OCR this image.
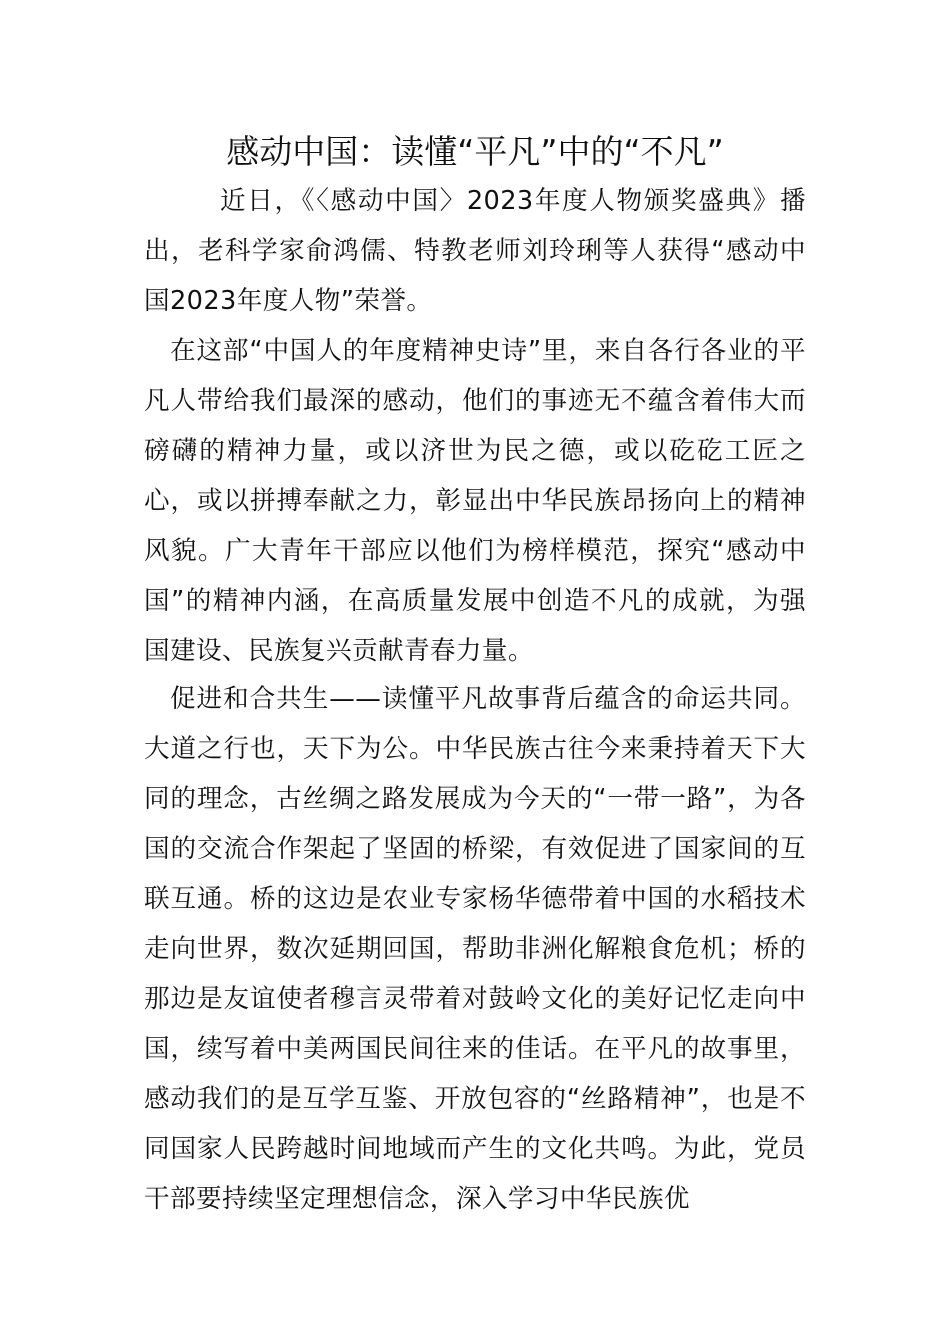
感动中国：读懂“平凡”中的“不凡”

近日，《〈感动中国〉2023年度人物颁奖盛典》播出，老科学家俞鸿儒、特教老师刘玲琍等人获得“感动中国2023年度人物”荣誉。

在这部“中国人的年度精神史诗”里，来自各行各业的平凡人带给我们最深的感动，他们的事迹无不蕴含着伟大而磅礴的精神力量，或以济世为民之德，或以矻矻工匠之心，或以拼搏奉献之力，彰显出中华民族昂扬向上的精神风貌。广大青年干部应以他们为榜样模范，探究“感动中国”的精神内涵，在高质量发展中创造不凡的成就，为强国建设、民族复兴贡献青春力量。

促进和合共生——读懂平凡故事背后蕴含的命运共同。大道之行也，天下为公。中华民族古往今来秉持着天下大同的理念，古丝绸之路发展成为今天的“一带一路”，为各国的交流合作架起了坚固的桥梁，有效促进了国家间的互联互通。桥的这边是农业专家杨华德带着中国的水稻技术走向世界，数次延期回国，帮助非洲化解粮食危机；桥的那边是友谊使者穆言灵带着对鼓岭文化的美好记忆走向中国，续写着中美两国民间往来的佳话。在平凡的故事里，感动我们的是互学互鉴、开放包容的“丝路精神”，也是不同国家人民跨越时间地域而产生的文化共鸣。为此，党员干部要持续坚定理想信念，深入学习中华民族优
